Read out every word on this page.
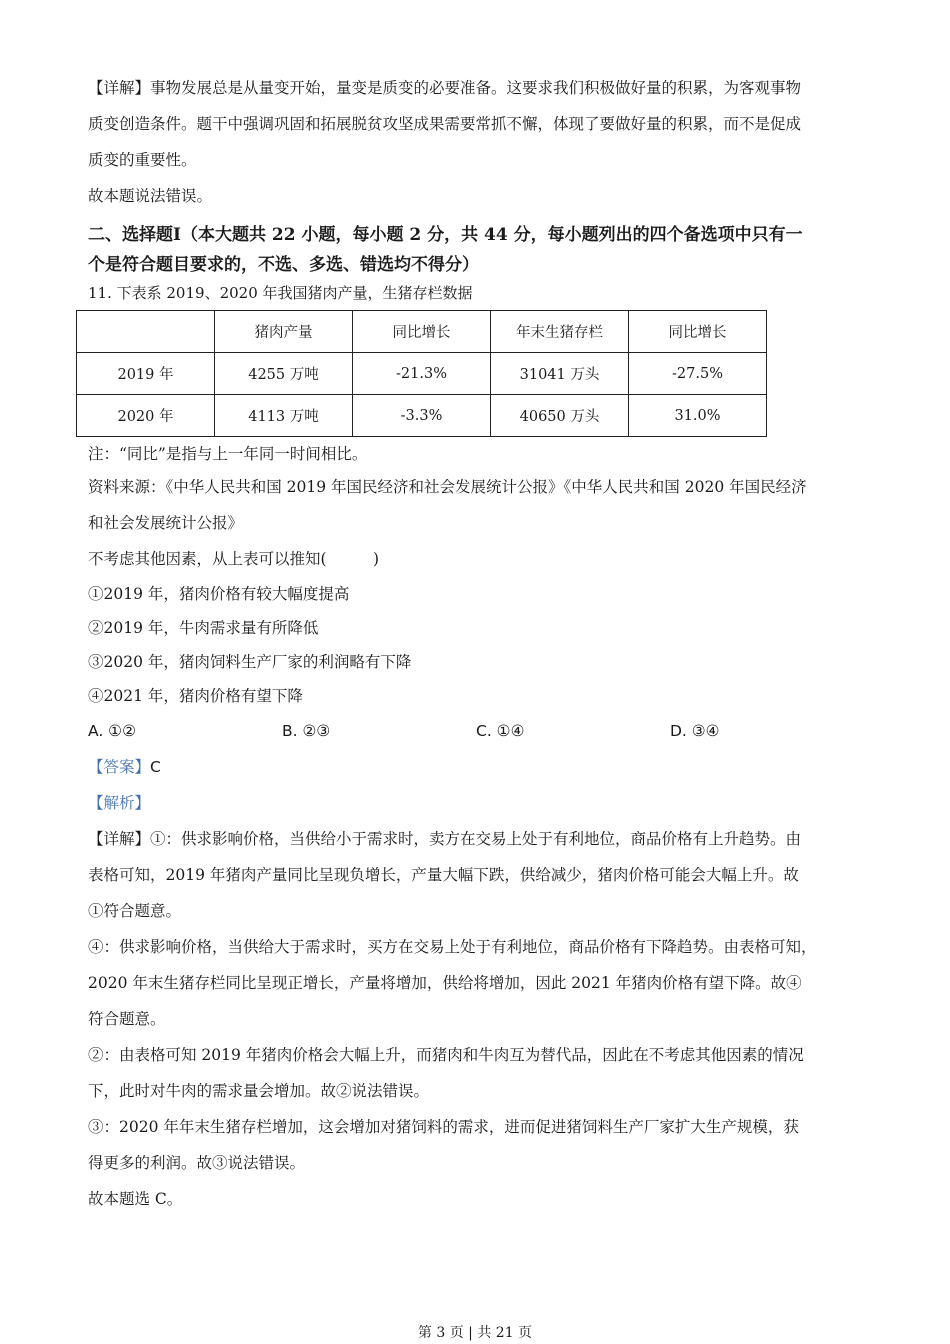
【详解】事物发展总是从量变开始，量变是质变的必要准备。这要求我们积极做好量的积累，为客观事物
质变创造条件。题干中强调巩固和拓展脱贫攻坚成果需要常抓不懈，体现了要做好量的积累，而不是促成
质变的重要性。
故本题说法错误。
二、选择题Ⅰ（本大题共 22 小题，每小题 2 分，共 44 分，每小题列出的四个备选项中只有一
个是符合题目要求的，不选、多选、错选均不得分）
11. 下表系 2019、2020 年我国猪肉产量，生猪存栏数据
	猪肉产量	同比增长	年末生猪存栏	同比增长
2019 年	4255 万吨	-21.3%	31041 万头	-27.5%
2020 年	4113 万吨	-3.3%	40650 万头	31.0%
注：“同比”是指与上一年同一时间相比。
资料来源：《中华人民共和国 2019 年国民经济和社会发展统计公报》《中华人民共和国 2020 年国民经济
和社会发展统计公报》
不考虑其他因素，从上表可以推知(　　　)
①2019 年，猪肉价格有较大幅度提高
②2019 年，牛肉需求量有所降低
③2020 年，猪肉饲料生产厂家的利润略有下降
④2021 年，猪肉价格有望下降
A. ①②	B. ②③	C. ①④	D. ③④
【答案】C
【解析】
【详解】①：供求影响价格，当供给小于需求时，卖方在交易上处于有利地位，商品价格有上升趋势。由
表格可知，2019 年猪肉产量同比呈现负增长，产量大幅下跌，供给减少，猪肉价格可能会大幅上升。故
①符合题意。
④：供求影响价格，当供给大于需求时，买方在交易上处于有利地位，商品价格有下降趋势。由表格可知，
2020 年末生猪存栏同比呈现正增长，产量将增加，供给将增加，因此 2021 年猪肉价格有望下降。故④
符合题意。
②：由表格可知 2019 年猪肉价格会大幅上升，而猪肉和牛肉互为替代品，因此在不考虑其他因素的情况
下，此时对牛肉的需求量会增加。故②说法错误。
③：2020 年年末生猪存栏增加，这会增加对猪饲料的需求，进而促进猪饲料生产厂家扩大生产规模，获
得更多的利润。故③说法错误。
故本题选 C。
第 3 页 | 共 21 页
